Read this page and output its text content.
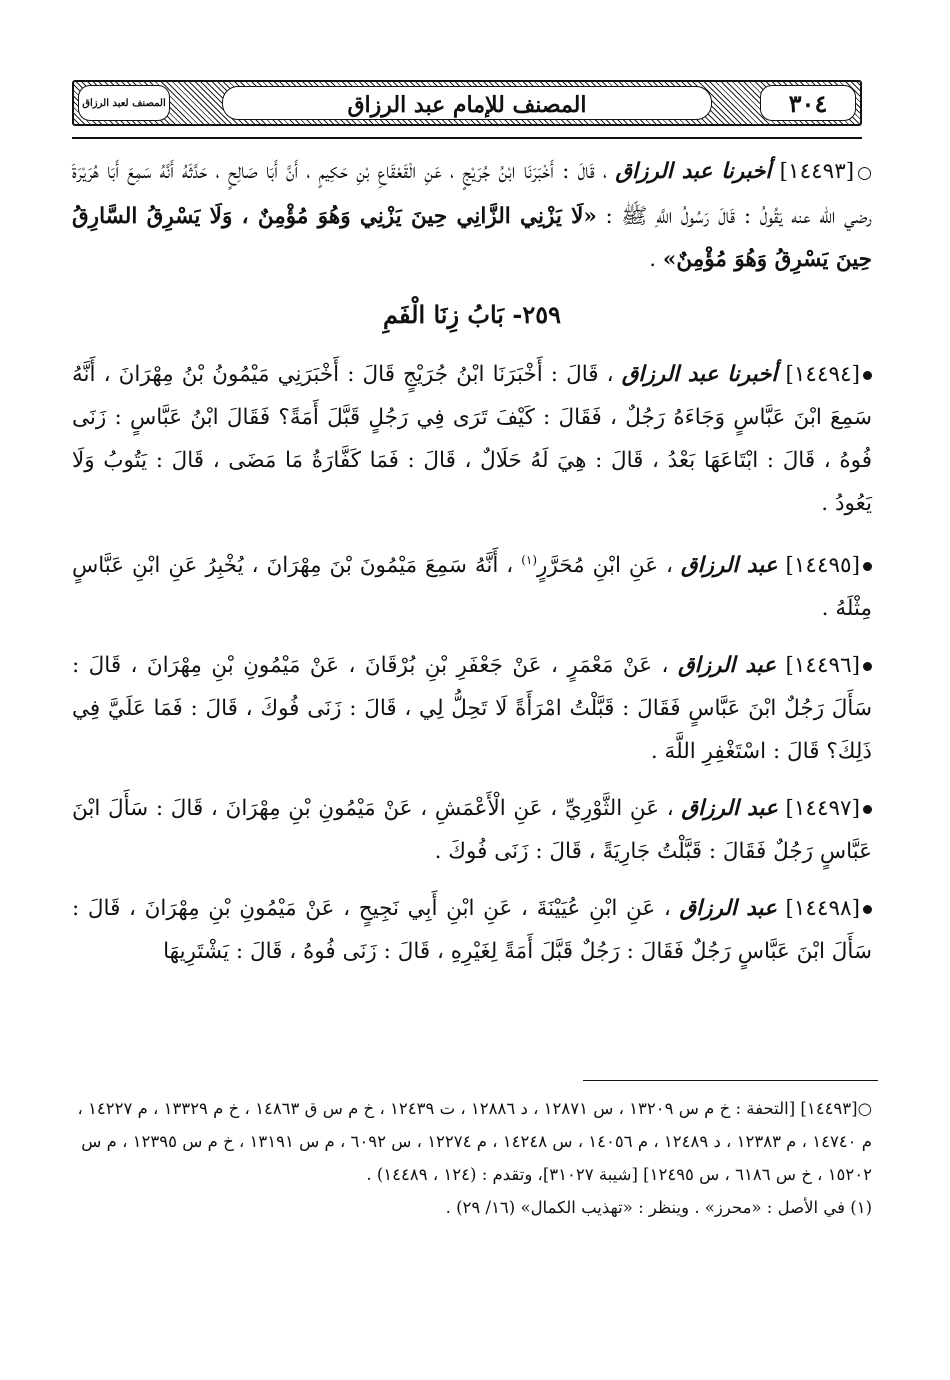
المصنف لعبد الرزاق	المصنف للإمام عبد الرزاق	٣٠٤

○[١٤٤٩٣] أخبرنا عبد الرزاق ، قَالَ : أَخْبَرَنَا ابْنُ جُرَيْجٍ ، عَنِ الْقَعْقَاعِ بْنِ حَكِيمٍ ، أَنَّ أَبَا صَالِحٍ ، حَدَّثَهُ أَنَّهُ سَمِعَ أَبَا هُرَيْرَةَ رضي الله عنه يَقُولُ : قَالَ رَسُولُ اللَّهِ ﷺ : «لَا يَزْنِي الزَّانِي حِينَ يَزْنِي وَهُوَ مُؤْمِنٌ ، وَلَا يَسْرِقُ السَّارِقُ حِينَ يَسْرِقُ وَهُوَ مُؤْمِنٌ» .

٢٥٩- بَابُ زِنَا الْفَمِ

[١٤٤٩٤] أخبرنا عبد الرزاق ، قَالَ : أَخْبَرَنَا ابْنُ جُرَيْجٍ قَالَ : أَخْبَرَنِي مَيْمُونُ بْنُ مِهْرَانَ ، أَنَّهُ سَمِعَ ابْنَ عَبَّاسٍ وَجَاءَهُ رَجُلٌ ، فَقَالَ : كَيْفَ تَرَى فِي رَجُلٍ قَبَّلَ أَمَةً؟ فَقَالَ ابْنُ عَبَّاسٍ : زَنَى فُوهُ ، قَالَ : ابْتَاعَهَا بَعْدُ ، قَالَ : هِيَ لَهُ حَلَالٌ ، قَالَ : فَمَا كَفَّارَةُ مَا مَضَى ، قَالَ : يَتُوبُ وَلَا يَعُودُ .

[١٤٤٩٥] عبد الرزاق ، عَنِ ابْنِ مُحَرَّرٍ$^{(١)}$ ، أَنَّهُ سَمِعَ مَيْمُونَ بْنَ مِهْرَانَ ، يُخْبِرُ عَنِ ابْنِ عَبَّاسٍ مِثْلَهُ .

[١٤٤٩٦] عبد الرزاق ، عَنْ مَعْمَرٍ ، عَنْ جَعْفَرِ بْنِ بُرْقَانَ ، عَنْ مَيْمُونِ بْنِ مِهْرَانَ ، قَالَ : سَأَلَ رَجُلٌ ابْنَ عَبَّاسٍ فَقَالَ : قَبَّلْتُ امْرَأَةً لَا تَحِلُّ لِي ، قَالَ : زَنَى فُوكَ ، قَالَ : فَمَا عَلَيَّ فِي ذَلِكَ؟ قَالَ : اسْتَغْفِرِ اللَّهَ .

[١٤٤٩٧] عبد الرزاق ، عَنِ الثَّوْرِيِّ ، عَنِ الْأَعْمَشِ ، عَنْ مَيْمُونِ بْنِ مِهْرَانَ ، قَالَ : سَأَلَ ابْنَ عَبَّاسٍ رَجُلٌ فَقَالَ : قَبَّلْتُ جَارِيَةً ، قَالَ : زَنَى فُوكَ .

[١٤٤٩٨] عبد الرزاق ، عَنِ ابْنِ عُيَيْنَةَ ، عَنِ ابْنِ أَبِي نَجِيحٍ ، عَنْ مَيْمُونِ بْنِ مِهْرَانَ ، قَالَ : سَأَلَ ابْنَ عَبَّاسٍ رَجُلٌ فَقَالَ : رَجُلٌ قَبَّلَ أَمَةً لِغَيْرِهِ ، قَالَ : زَنَى فُوهُ ، قَالَ : يَشْتَرِيهَا

○[١٤٤٩٣] [التحفة : خ م س ١٣٢٠٩ ، س ١٢٨٧١ ، د ١٢٨٨٦ ، ت ١٢٤٣٩ ، خ م س ق ١٤٨٦٣ ، خ م ١٣٣٢٩ ، م ١٤٢٢٧ ، م ١٤٧٤٠ ، م ١٢٣٨٣ ، د ١٢٤٨٩ ، م ١٤٠٥٦ ، س ١٤٢٤٨ ، م ١٢٢٧٤ ، س ٦٠٩٢ ، م س ١٣١٩١ ، خ م س ١٢٣٩٥ ، م س ١٥٢٠٢ ، خ س ٦١٨٦ ، س ١٢٤٩٥] [شيبة ٣١٠٢٧]، وتقدم : (١٢٤ ، ١٤٤٨٩) .

(١) في الأصل : «محرز» . وينظر : «تهذيب الكمال» (١٦/ ٢٩) .
